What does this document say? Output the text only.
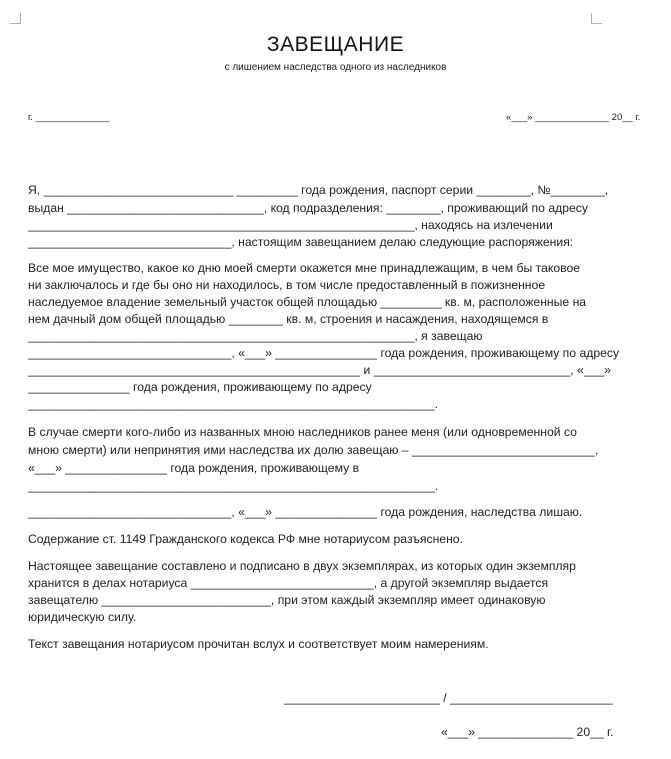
ЗАВЕЩАНИЕ
с лишением наследства одного из наследников
г. ______________	«___» ______________ 20__ г.
Я, ____________________________ _________ года рождения, паспорт серии ________, №________,
выдан _____________________________, код подразделения: ________, проживающий по адресу
_________________________________________________________, находясь на излечении
______________________________, настоящим завещанием делаю следующие распоряжения:
Все мое имущество, какое ко дню моей смерти окажется мне принадлежащим, в чем бы таковое
ни заключалось и где бы оно ни находилось, в том числе предоставленный в пожизненное
наследуемое владение земельный участок общей площадью _________ кв. м, расположенные на
нем дачный дом общей площадью ________ кв. м, строения и насаждения, находящемся в
_________________________________________________________, я завещаю
______________________________, «___» _______________ года рождения, проживающему по адресу
_________________________________________________ и _____________________________, «___»
_______________ года рождения, проживающему по адресу
____________________________________________________________.
В случае смерти кого-либо из названных мною наследников ранее меня (или одновременной со
мною смерти) или непринятия ими наследства их долю завещаю – ___________________________,
«___» _______________ года рождения, проживающему в
____________________________________________________________.
______________________________, «___» _______________ года рождения, наследства лишаю.
Содержание ст. 1149 Гражданского кодекса РФ мне нотариусом разъяснено.
Настоящее завещание составлено и подписано в двух экземплярах, из которых один экземпляр
хранится в делах нотариуса ___________________________, а другой экземпляр выдается
завещателю _________________________, при этом каждый экземпляр имеет одинаковую
юридическую силу.
Текст завещания нотариусом прочитан вслух и соответствует моим намерениям.
_______________________ / ________________________
«___» ______________ 20__ г.
